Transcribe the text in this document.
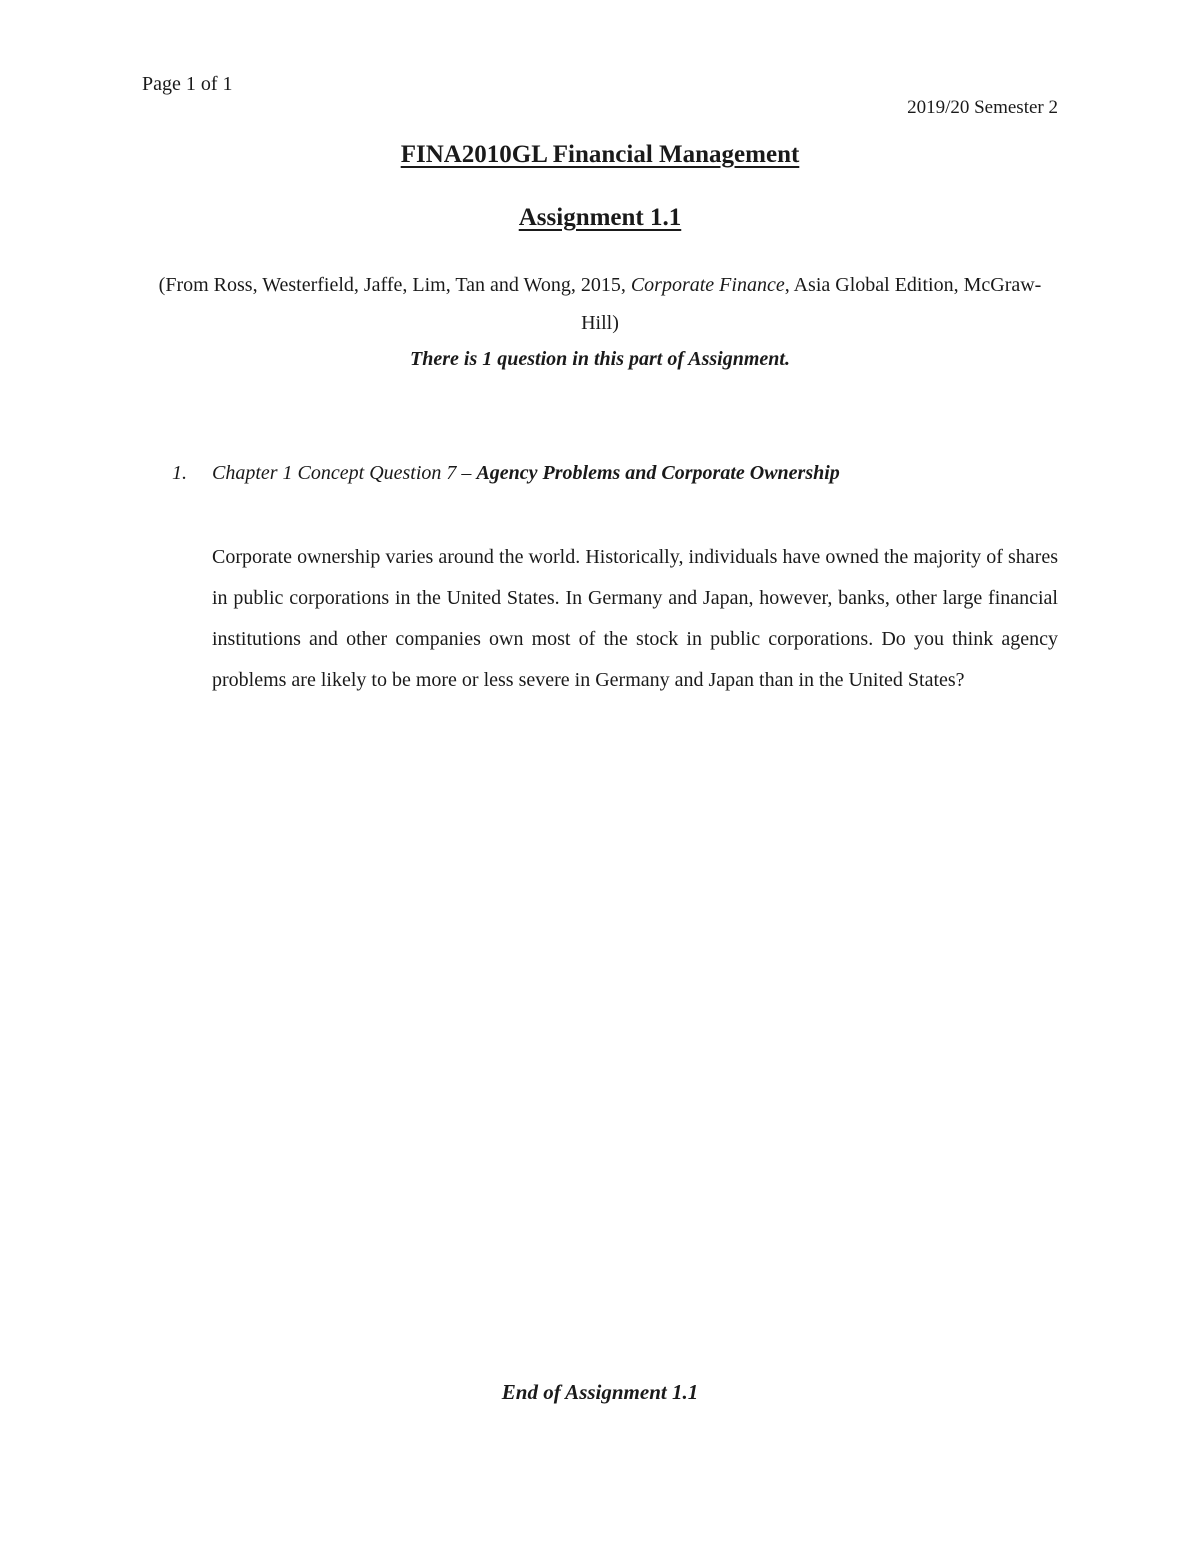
Page 1 of 1
2019/20 Semester 2
FINA2010GL Financial Management
Assignment 1.1
(From Ross, Westerfield, Jaffe, Lim, Tan and Wong, 2015, Corporate Finance, Asia Global Edition, McGraw-Hill)
There is 1 question in this part of Assignment.
1. Chapter 1 Concept Question 7 – Agency Problems and Corporate Ownership
Corporate ownership varies around the world. Historically, individuals have owned the majority of shares in public corporations in the United States. In Germany and Japan, however, banks, other large financial institutions and other companies own most of the stock in public corporations. Do you think agency problems are likely to be more or less severe in Germany and Japan than in the United States?
End of Assignment 1.1
